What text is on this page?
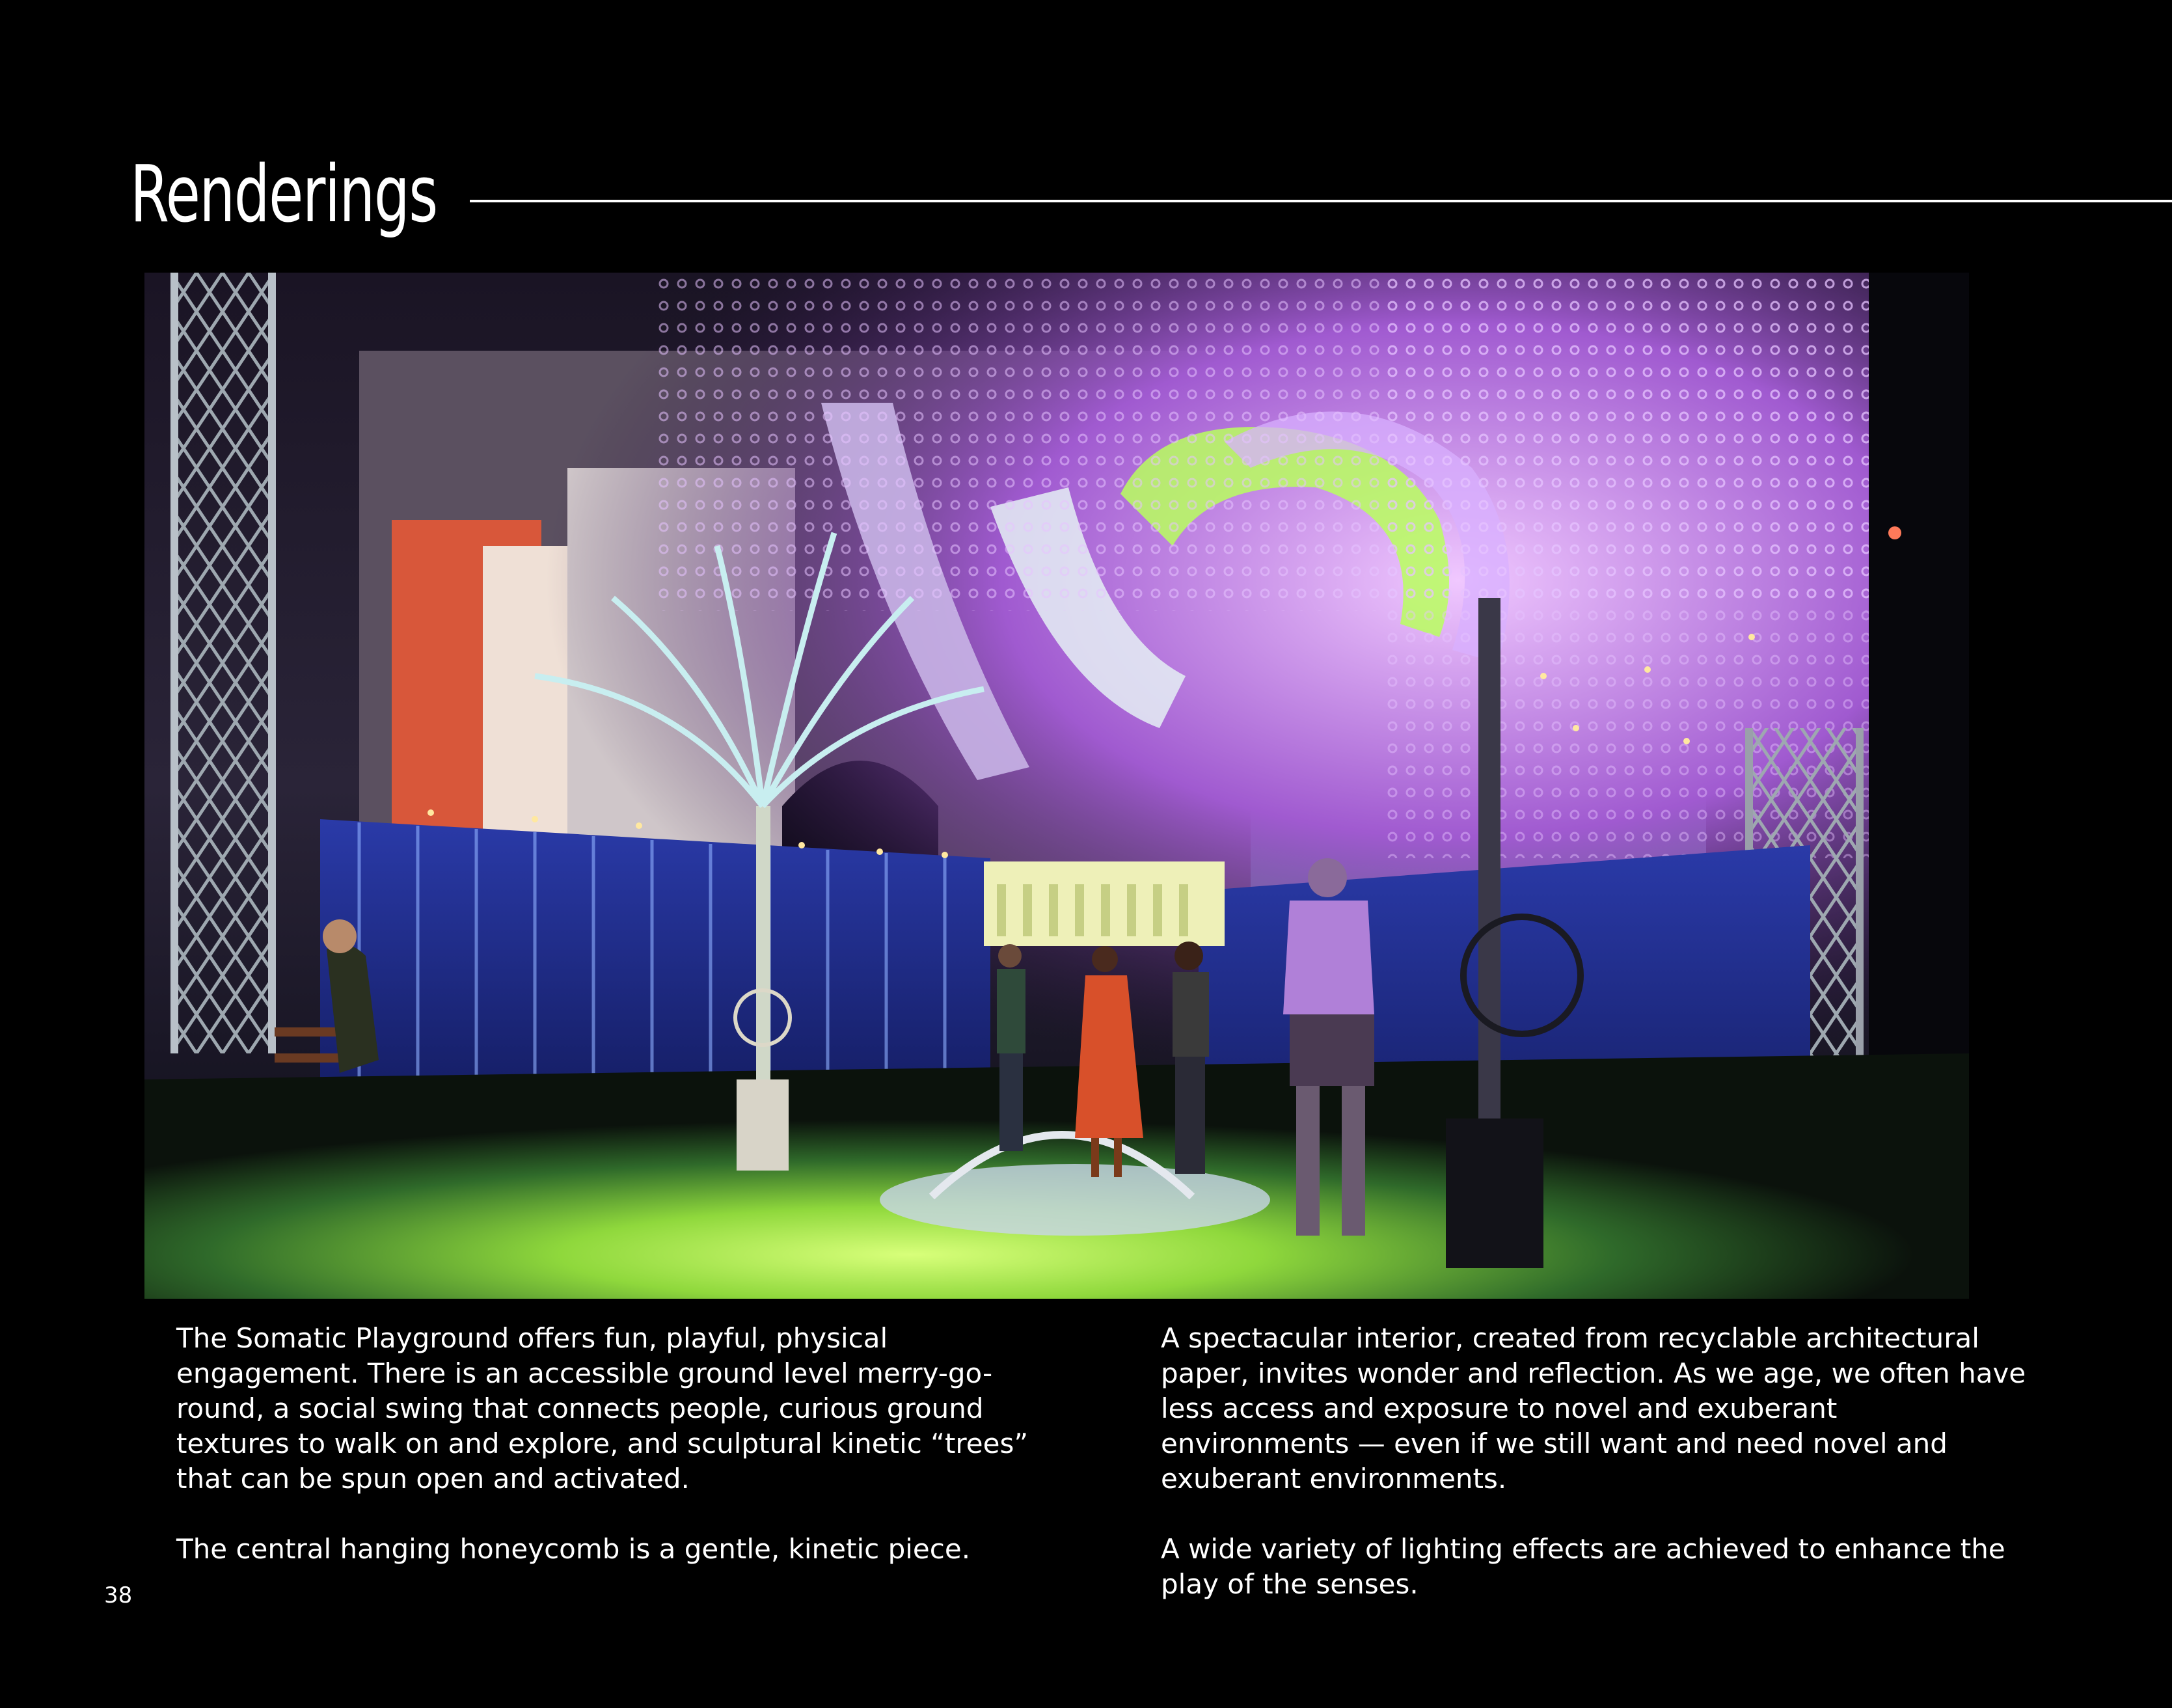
Renderings

The Somatic Playground offers fun, playful, physical engagement. There is an accessible ground level merry-go-round, a social swing that connects people, curious ground textures to walk on and explore, and sculptural kinetic “trees” that can be spun open and activated.

The central hanging honeycomb is a gentle, kinetic piece.

A spectacular interior, created from recyclable architectural paper, invites wonder and reflection. As we age, we often have less access and exposure to novel and exuberant environments — even if we still want and need novel and exuberant environments.

A wide variety of lighting effects are achieved to enhance the play of the senses.

38
